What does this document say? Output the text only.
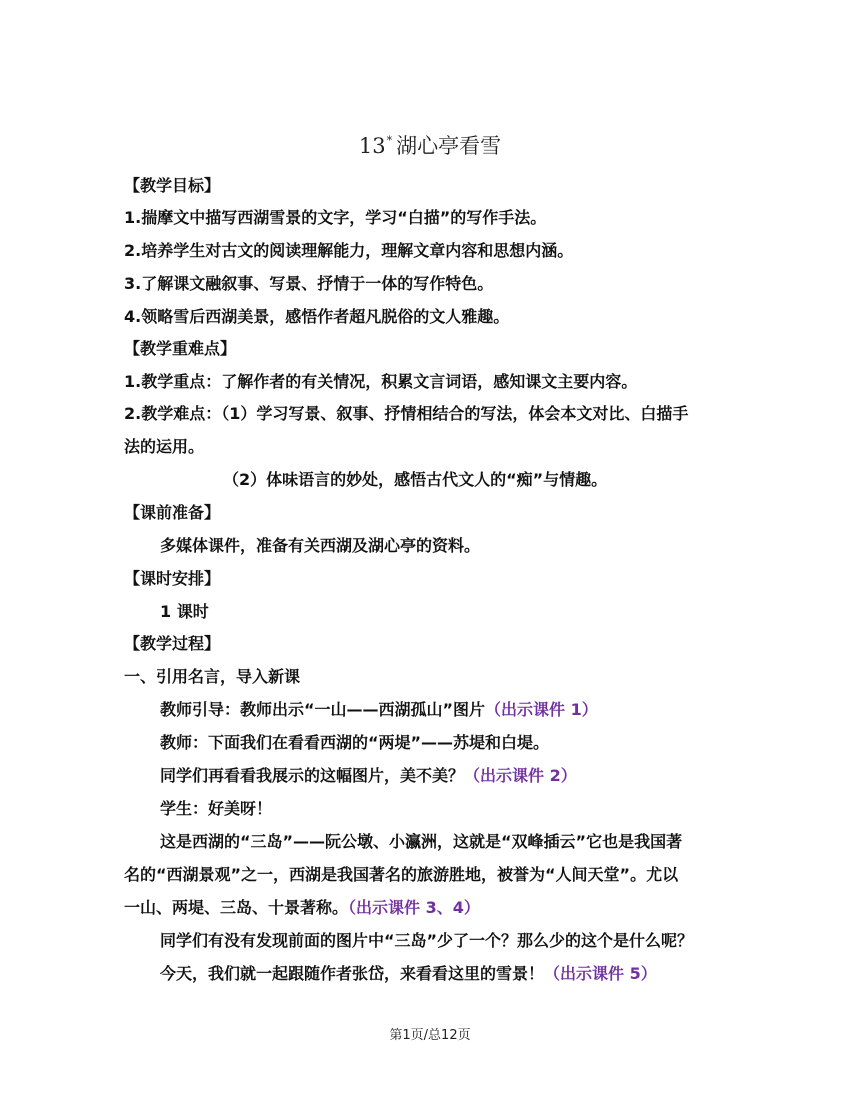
13* 湖心亭看雪
【教学目标】
1.揣摩文中描写西湖雪景的文字，学习“白描”的写作手法。
2.培养学生对古文的阅读理解能力，理解文章内容和思想内涵。
3.了解课文融叙事、写景、抒情于一体的写作特色。
4.领略雪后西湖美景，感悟作者超凡脱俗的文人雅趣。
【教学重难点】
1.教学重点：了解作者的有关情况，积累文言词语，感知课文主要内容。
2.教学难点：（1）学习写景、叙事、抒情相结合的写法，体会本文对比、白描手
法的运用。
（2）体味语言的妙处，感悟古代文人的“痴”与情趣。
【课前准备】
多媒体课件，准备有关西湖及湖心亭的资料。
【课时安排】
1 课时
【教学过程】
一、引用名言，导入新课
教师引导：教师出示“一山——西湖孤山”图片（出示课件 1）
教师：下面我们在看看西湖的“两堤”——苏堤和白堤。
同学们再看看我展示的这幅图片，美不美？（出示课件 2）
学生：好美呀！
这是西湖的“三岛”——阮公墩、小瀛洲，这就是“双峰插云”它也是我国著
名的“西湖景观”之一，西湖是我国著名的旅游胜地，被誉为“人间天堂”。尤以
一山、两堤、三岛、十景著称。（出示课件 3、4）
同学们有没有发现前面的图片中“三岛”少了一个？那么少的这个是什么呢？
今天，我们就一起跟随作者张岱，来看看这里的雪景！（出示课件 5）
第1页/总12页
